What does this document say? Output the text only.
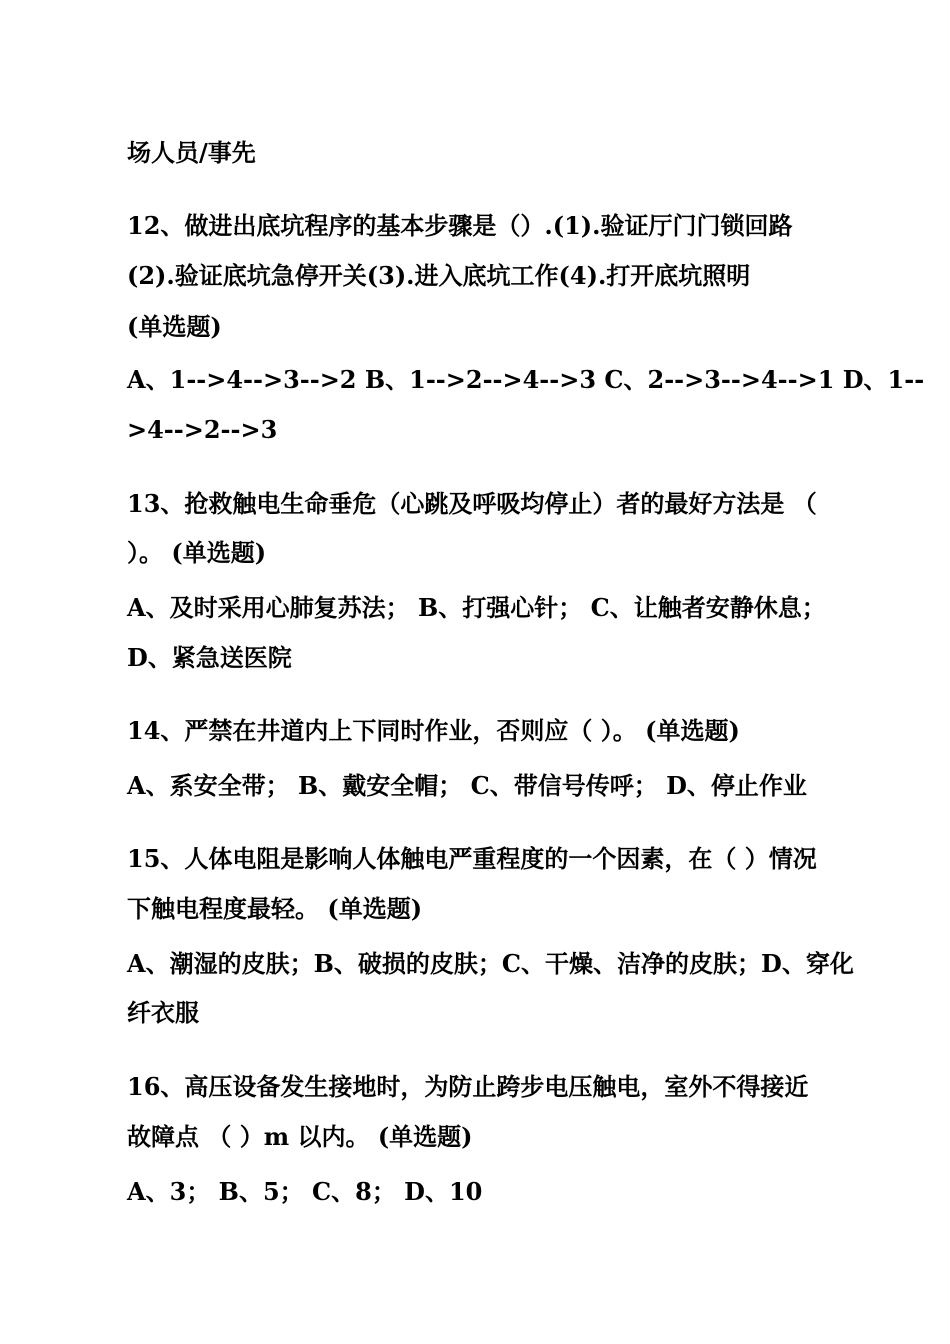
场人员/事先
12、做进出底坑程序的基本步骤是（）.(1).验证厅门门锁回路
(2).验证底坑急停开关(3).进入底坑工作(4).打开底坑照明
(单选题)
A、1-->4-->3-->2 B、1-->2-->4-->3 C、2-->3-->4-->1 D、1--
>4-->2-->3
13、抢救触电生命垂危（心跳及呼吸均停止）者的最好方法是 （
）。 (单选题)
A、及时采用心肺复苏法； B、打强心针； C、让触者安静休息；
D、紧急送医院
14、严禁在井道内上下同时作业，否则应（ ）。 (单选题)
A、系安全带； B、戴安全帽； C、带信号传呼； D、停止作业
15、人体电阻是影响人体触电严重程度的一个因素，在（ ）情况
下触电程度最轻。 (单选题)
A、潮湿的皮肤；B、破损的皮肤；C、干燥、洁净的皮肤；D、穿化
纤衣服
16、高压设备发生接地时，为防止跨步电压触电，室外不得接近
故障点 （ ）m 以内。 (单选题)
A、3； B、5； C、8； D、10
